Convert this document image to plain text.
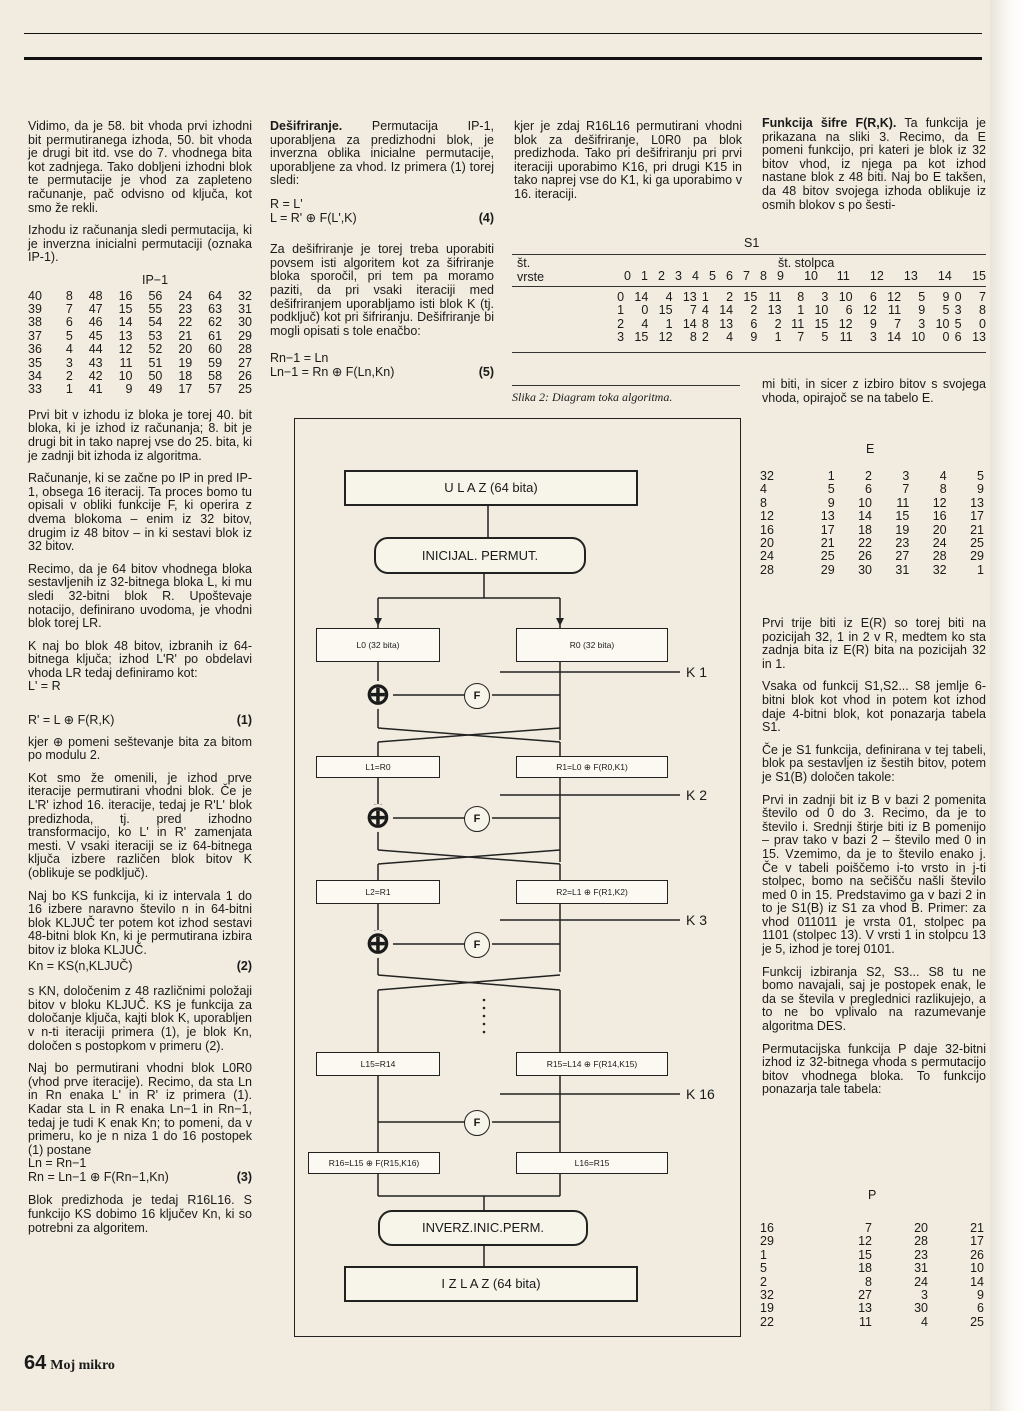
Vidimo, da je 58. bit vhoda prvi izhodni bit permutiranega izhoda, 50. bit vhoda je drugi bit itd. vse do 7. vhodnega bita kot zadnjega. Tako dobljeni izhodni blok te permutacije je vhod za zapleteno računanje, pač odvisno od ključa, kot smo že rekli.

Izhodu iz računanja sledi permutacija, ki je inverzna inicialni permutaciji (oznaka IP-1).

IP−1
40	8	48	16	56	24	64	32
39	7	47	15	55	23	63	31
38	6	46	14	54	22	62	30
37	5	45	13	53	21	61	29
36	4	44	12	52	20	60	28
35	3	43	11	51	19	59	27
34	2	42	10	50	18	58	26
33	1	41	9	49	17	57	25

Prvi bit v izhodu iz bloka je torej 40. bit bloka, ki je izhod iz računanja; 8. bit je drugi bit in tako naprej vse do 25. bita, ki je zadnji bit izhoda iz algoritma.

Računanje, ki se začne po IP in pred IP-1, obsega 16 iteracij. Ta proces bomo tu opisali v obliki funkcije F, ki operira z dvema blokoma – enim iz 32 bitov, drugim iz 48 bitov – in ki sestavi blok iz 32 bitov.

Recimo, da je 64 bitov vhodnega bloka sestavljenih iz 32-bitnega bloka L, ki mu sledi 32-bitni blok R. Upoštevaje notacijo, definirano uvodoma, je vhodni blok torej LR.

K naj bo blok 48 bitov, izbranih iz 64-bitnega ključa; izhod L'R' po obdelavi vhoda LR tedaj definiramo kot:

L' = R
R' = L ⊕ F(R,K)	(1)

kjer ⊕ pomeni seštevanje bita za bitom po modulu 2.

Kot smo že omenili, je izhod prve iteracije permutirani vhodni blok. Če je L'R' izhod 16. iteracije, tedaj je R'L' blok predizhoda, tj. pred izhodno transformacijo, ko L' in R' zamenjata mesti. V vsaki iteraciji se iz 64-bitnega ključa izbere različen blok bitov K (oblikuje se podključ).

Naj bo KS funkcija, ki iz intervala 1 do 16 izbere naravno število n in 64-bitni blok KLJUČ ter potem kot izhod sestavi 48-bitni blok Kn, ki je permutirana izbira bitov iz bloka KLJUČ.

Kn = KS(n,KLJUČ)	(2)

s KN, določenim z 48 različnimi položaji bitov v bloku KLJUČ. KS je funkcija za določanje ključa, kajti blok K, uporabljen v n-ti iteraciji primera (1), je blok Kn, določen s postopkom v primeru (2).

Naj bo permutirani vhodni blok L0R0 (vhod prve iteracije). Recimo, da sta Ln in Rn enaka L' in R' iz primera (1). Kadar sta L in R enaka Ln−1 in Rn−1, tedaj je tudi K enak Kn; to pomeni, da v primeru, ko je n niza 1 do 16 postopek (1) postane

Ln = Rn−1
Rn = Ln−1 ⊕ F(Rn−1,Kn)	(3)

Blok predizhoda je tedaj R16L16. S funkcijo KS dobimo 16 ključev Kn, ki so potrebni za algoritem.

Dešifriranje. Permutacija IP-1, uporabljena za predizhodni blok, je inverzna oblika inicialne permutacije, uporabljene za vhod. Iz primera (1) torej sledi:

R = L'
L = R' ⊕ F(L',K)	(4)

Za dešifriranje je torej treba uporabiti povsem isti algoritem kot za šifriranje bloka sporočil, pri tem pa moramo paziti, da pri vsaki iteraciji med dešifriranjem uporabljamo isti blok K (tj. podključ) kot pri šifriranju. Dešifriranje bi mogli opisati s tole enačbo:

Rn−1 = Ln
Ln−1 = Rn ⊕ F(Ln,Kn)	(5)

kjer je zdaj R16L16 permutirani vhodni blok za dešifriranje, L0R0 pa blok predizhoda. Tako pri dešifriranju pri prvi iteraciji uporabimo K16, pri drugi K15 in tako naprej vse do K1, ki ga uporabimo v 16. iteraciji.

Funkcija šifre F(R,K). Ta funkcija je prikazana na sliki 3. Recimo, da E pomeni funkcijo, pri kateri je blok iz 32 bitov vhod, iz njega pa kot izhod nastane blok z 48 biti. Naj bo E takšen, da 48 bitov svojega izhoda oblikuje iz osmih blokov s po šesti-

S1
št.
vrste
št. stolpca
0	1	2	3	4	5	6	7	8	9	10	11	12	13	14	15
0	14	4	13	1	2	15	11	8	3	10	6	12	5	9	0	7
1	0	15	7	4	14	2	13	1	10	6	12	11	9	5	3	8
2	4	1	14	8	13	6	2	11	15	12	9	7	3	10	5	0
3	15	12	8	2	4	9	1	7	5	11	3	14	10	0	6	13
Slika 2: Diagram toka algoritma.
U L A Z (64 bita)
INICIJAL. PERMUT.
L0 (32 bita)	R0 (32 bita)
⊕	F
K 1
L1=R0	R1=L0 ⊕ F(R0,K1)
⊕	F
K 2
L2=R1	R2=L1 ⊕ F(R1,K2)
⊕	F
K 3
L15=R14	R15=L14 ⊕ F(R14,K15)
F
K 16
R16=L15 ⊕ F(R15,K16)	L16=R15
INVERZ.INIC.PERM.
I Z L A Z (64 bita)

mi biti, in sicer z izbiro bitov s svojega vhoda, opirajoč se na tabelo E.

E
32	1	2	3	4	5
4	5	6	7	8	9
8	9	10	11	12	13
12	13	14	15	16	17
16	17	18	19	20	21
20	21	22	23	24	25
24	25	26	27	28	29
28	29	30	31	32	1

Prvi trije biti iz E(R) so torej biti na pozicijah 32, 1 in 2 v R, medtem ko sta zadnja bita iz E(R) bita na pozicijah 32 in 1.

Vsaka od funkcij S1,S2... S8 jemlje 6-bitni blok kot vhod in potem kot izhod daje 4-bitni blok, kot ponazarja tabela S1.

Če je S1 funkcija, definirana v tej tabeli, blok pa sestavljen iz šestih bitov, potem je S1(B) določen takole:

Prvi in zadnji bit iz B v bazi 2 pomenita število od 0 do 3. Recimo, da je to število i. Srednji štirje biti iz B pomenijo – prav tako v bazi 2 – število med 0 in 15. Vzemimo, da je to število enako j. Če v tabeli poiščemo i-to vrsto in j-ti stolpec, bomo na sečišču našli število med 0 in 15. Predstavimo ga v bazi 2 in to je S1(B) iz S1 za vhod B. Primer: za vhod 011011 je vrsta 01, stolpec pa 1101 (stolpec 13). V vrsti 1 in stolpcu 13 je 5, izhod je torej 0101.

Funkcij izbiranja S2, S3... S8 tu ne bomo navajali, saj je postopek enak, le da se števila v preglednici razlikujejo, a to ne bo vplivalo na razumevanje algoritma DES.

Permutacijska funkcija P daje 32-bitni izhod iz 32-bitnega vhoda s permutacijo bitov vhodnega bloka. To funkcijo ponazarja tale tabela:

P
16	7	20	21
29	12	28	17
1	15	23	26
5	18	31	10
2	8	24	14
32	27	3	9
19	13	30	6
22	11	4	25
64 Moj mikro
